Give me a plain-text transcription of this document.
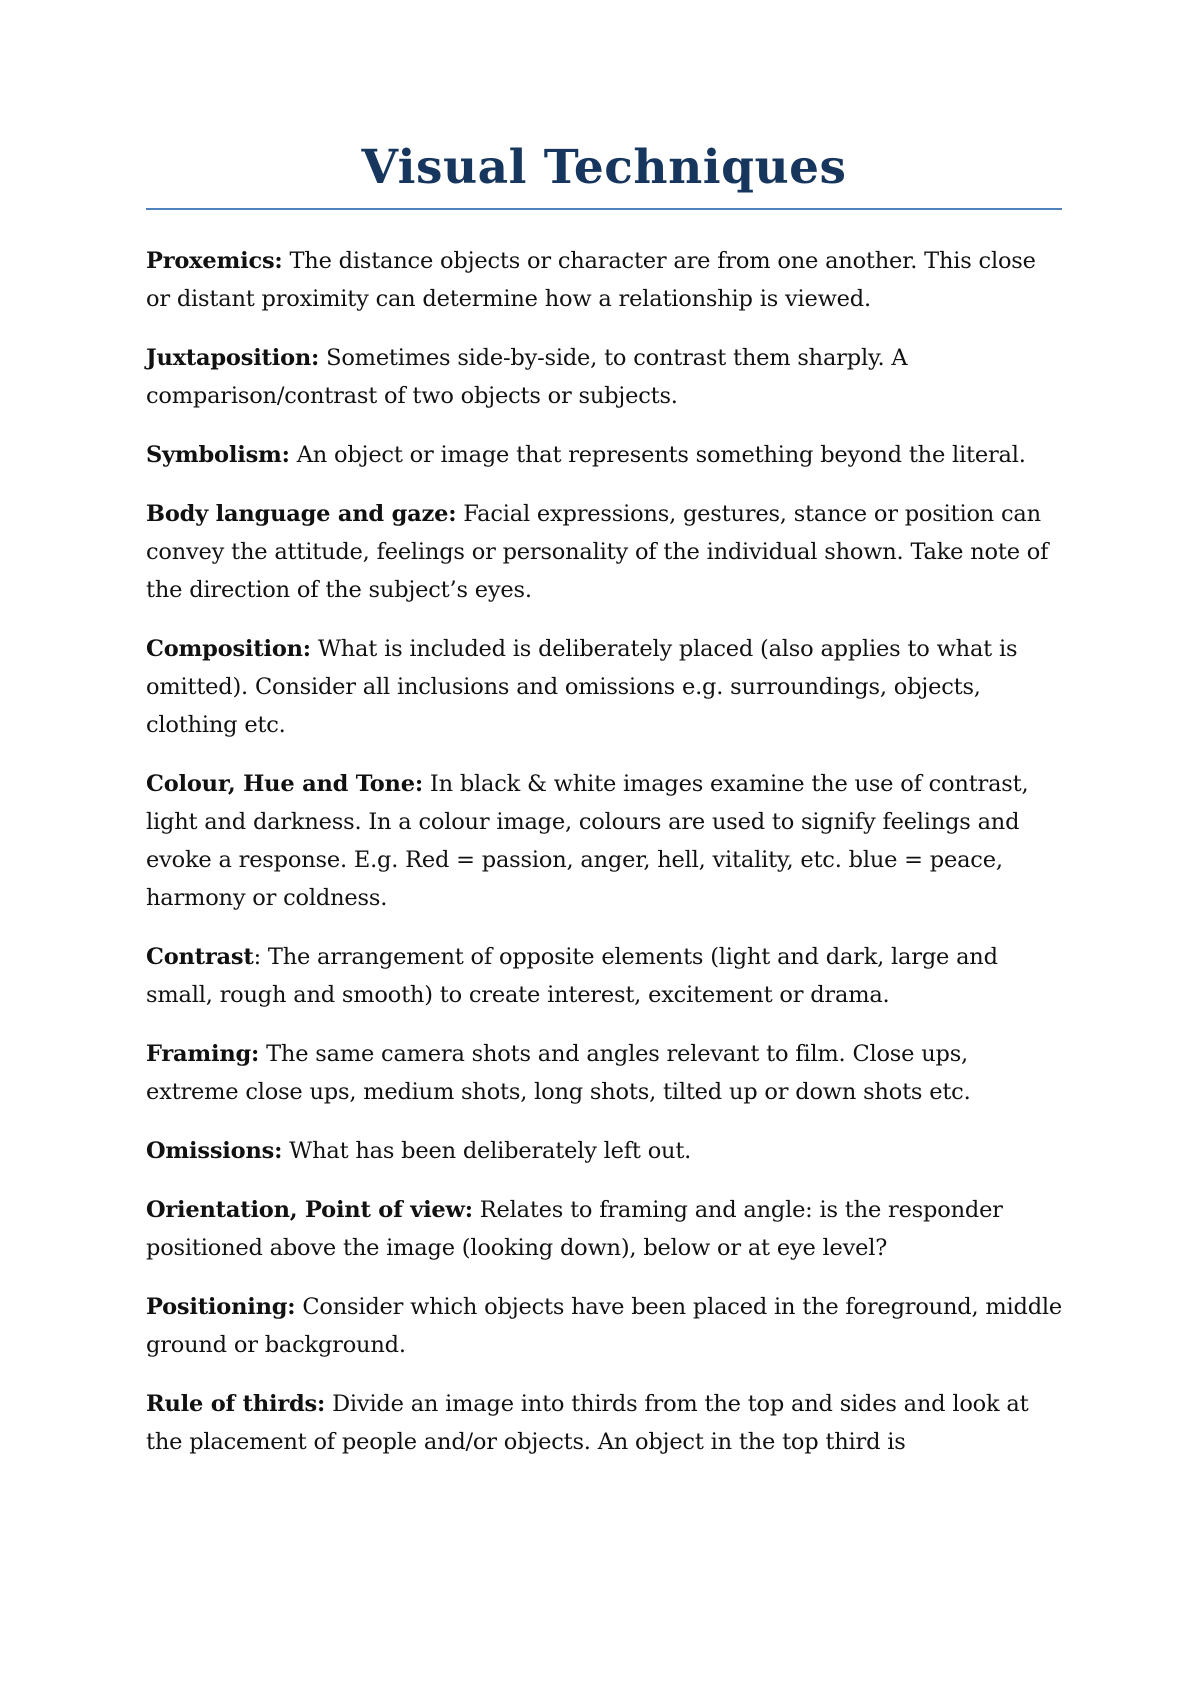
Visual Techniques

Proxemics: The distance objects or character are from one another. This close or distant proximity can determine how a relationship is viewed.

Juxtaposition: Sometimes side-by-side, to contrast them sharply. A comparison/contrast of two objects or subjects.

Symbolism: An object or image that represents something beyond the literal.

Body language and gaze: Facial expressions, gestures, stance or position can convey the attitude, feelings or personality of the individual shown. Take note of the direction of the subject’s eyes.

Composition: What is included is deliberately placed (also applies to what is omitted). Consider all inclusions and omissions e.g. surroundings, objects, clothing etc.

Colour, Hue and Tone: In black & white images examine the use of contrast, light and darkness. In a colour image, colours are used to signify feelings and evoke a response. E.g. Red = passion, anger, hell, vitality, etc. blue = peace, harmony or coldness.

Contrast: The arrangement of opposite elements (light and dark, large and small, rough and smooth) to create interest, excitement or drama.

Framing: The same camera shots and angles relevant to film. Close ups, extreme close ups, medium shots, long shots, tilted up or down shots etc.

Omissions: What has been deliberately left out.

Orientation, Point of view: Relates to framing and angle: is the responder positioned above the image (looking down), below or at eye level?

Positioning: Consider which objects have been placed in the foreground, middle ground or background.

Rule of thirds: Divide an image into thirds from the top and sides and look at the placement of people and/or objects. An object in the top third is
